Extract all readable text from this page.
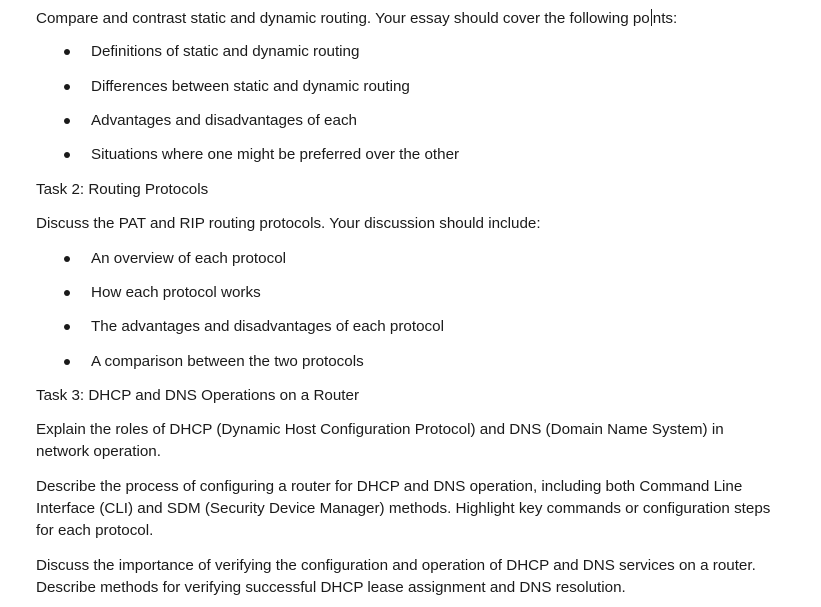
Compare and contrast static and dynamic routing. Your essay should cover the following po nts:
Definitions of static and dynamic routing
Differences between static and dynamic routing
Advantages and disadvantages of each
Situations where one might be preferred over the other
Task 2: Routing Protocols
Discuss the PAT and RIP routing protocols. Your discussion should include:
An overview of each protocol
How each protocol works
The advantages and disadvantages of each protocol
A comparison between the two protocols
Task 3: DHCP and DNS Operations on a Router
Explain the roles of DHCP (Dynamic Host Configuration Protocol) and DNS (Domain Name System) in network operation.
Describe the process of configuring a router for DHCP and DNS operation, including both Command Line Interface (CLI) and SDM (Security Device Manager) methods. Highlight key commands or configuration steps for each protocol.
Discuss the importance of verifying the configuration and operation of DHCP and DNS services on a router. Describe methods for verifying successful DHCP lease assignment and DNS resolution.
